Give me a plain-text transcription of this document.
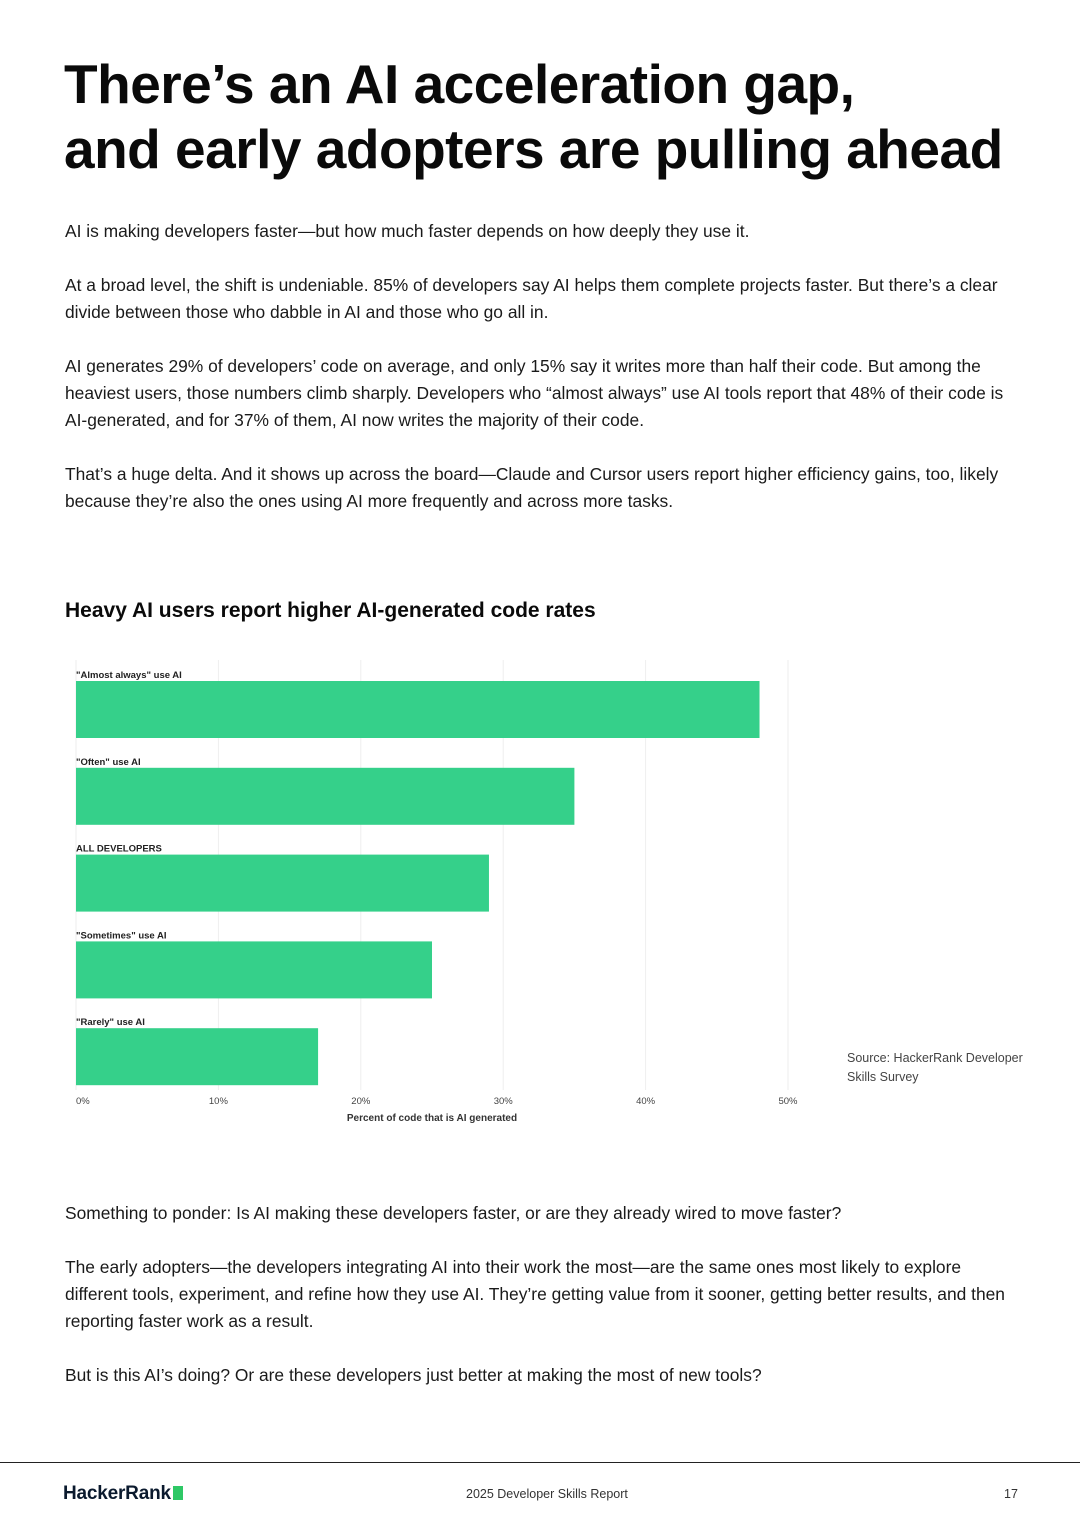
There’s an AI acceleration gap,
and early adopters are pulling ahead

AI is making developers faster—but how much faster depends on how deeply they use it.

At a broad level, the shift is undeniable. 85% of developers say AI helps them complete projects faster. But there’s a clear divide between those who dabble in AI and those who go all in.

AI generates 29% of developers’ code on average, and only 15% say it writes more than half their code. But among the heaviest users, those numbers climb sharply. Developers who “almost always” use AI tools report that 48% of their code is AI-generated, and for 37% of them, AI now writes the majority of their code.

That’s a huge delta. And it shows up across the board—Claude and Cursor users report higher efficiency gains, too, likely because they’re also the ones using AI more frequently and across more tasks.

Heavy AI users report higher AI-generated code rates
"Almost always" use AI
"Often" use AI
ALL DEVELOPERS
"Sometimes" use AI
"Rarely" use AI
0%	10%	20%	30%	40%	50%
Percent of code that is AI generated
Source: HackerRank Developer Skills Survey

Something to ponder: Is AI making these developers faster, or are they already wired to move faster?

The early adopters—the developers integrating AI into their work the most—are the same ones most likely to explore different tools, experiment, and refine how they use AI. They’re getting value from it sooner, getting better results, and then reporting faster work as a result.

But is this AI’s doing? Or are these developers just better at making the most of new tools?

HackerRank	2025 Developer Skills Report	17
